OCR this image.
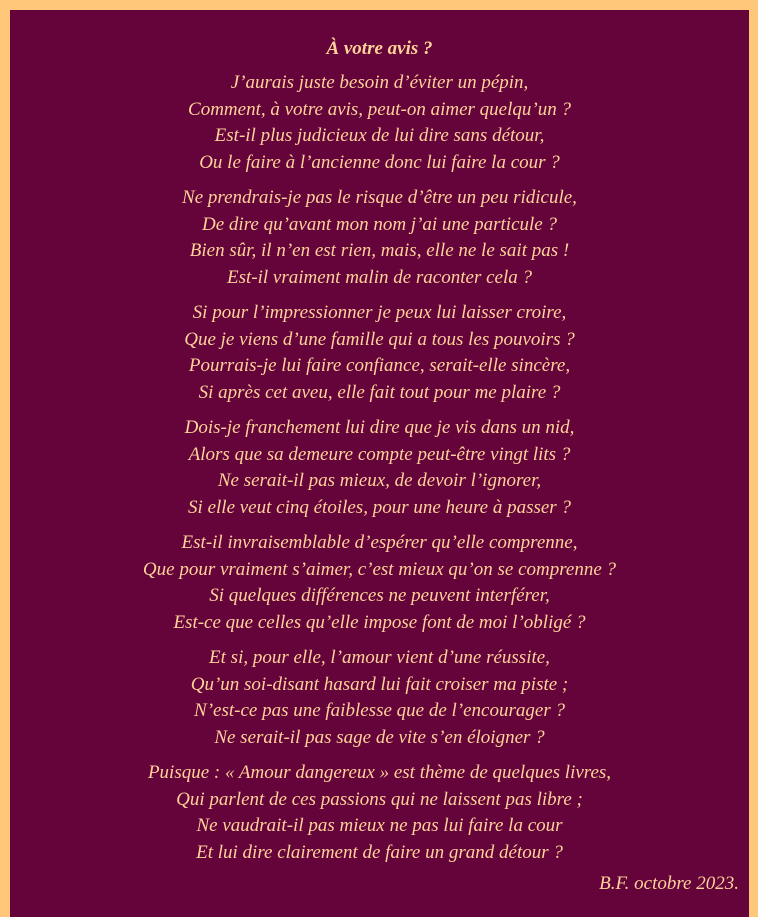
À votre avis ?
J’aurais juste besoin d’éviter un pépin,
Comment, à votre avis, peut-on aimer quelqu’un ?
Est-il plus judicieux de lui dire sans détour,
Ou le faire à l’ancienne donc lui faire la cour ?
Ne prendrais-je pas le risque d’être un peu ridicule,
De dire qu’avant mon nom j’ai une particule ?
Bien sûr, il n’en est rien, mais, elle ne le sait pas !
Est-il vraiment malin de raconter cela ?
Si pour l’impressionner je peux lui laisser croire,
Que je viens d’une famille qui a tous les pouvoirs ?
Pourrais-je lui faire confiance, serait-elle sincère,
Si après cet aveu, elle fait tout pour me plaire ?
Dois-je franchement lui dire que je vis dans un nid,
Alors que sa demeure compte peut-être vingt lits ?
Ne serait-il pas mieux, de devoir l’ignorer,
Si elle veut cinq étoiles, pour une heure à passer ?
Est-il invraisemblable d’espérer qu’elle comprenne,
Que pour vraiment s’aimer, c’est mieux qu’on se comprenne ?
Si quelques différences ne peuvent interférer,
Est-ce que celles qu’elle impose font de moi l’obligé ?
Et si, pour elle, l’amour vient d’une réussite,
Qu’un soi-disant hasard lui fait croiser ma piste ;
N’est-ce pas une faiblesse que de l’encourager ?
Ne serait-il pas sage de vite s’en éloigner ?
Puisque : « Amour dangereux » est thème de quelques livres,
Qui parlent de ces passions qui ne laissent pas libre ;
Ne vaudrait-il pas mieux ne pas lui faire la cour
Et lui dire clairement de faire un grand détour ?
B.F. octobre 2023.
